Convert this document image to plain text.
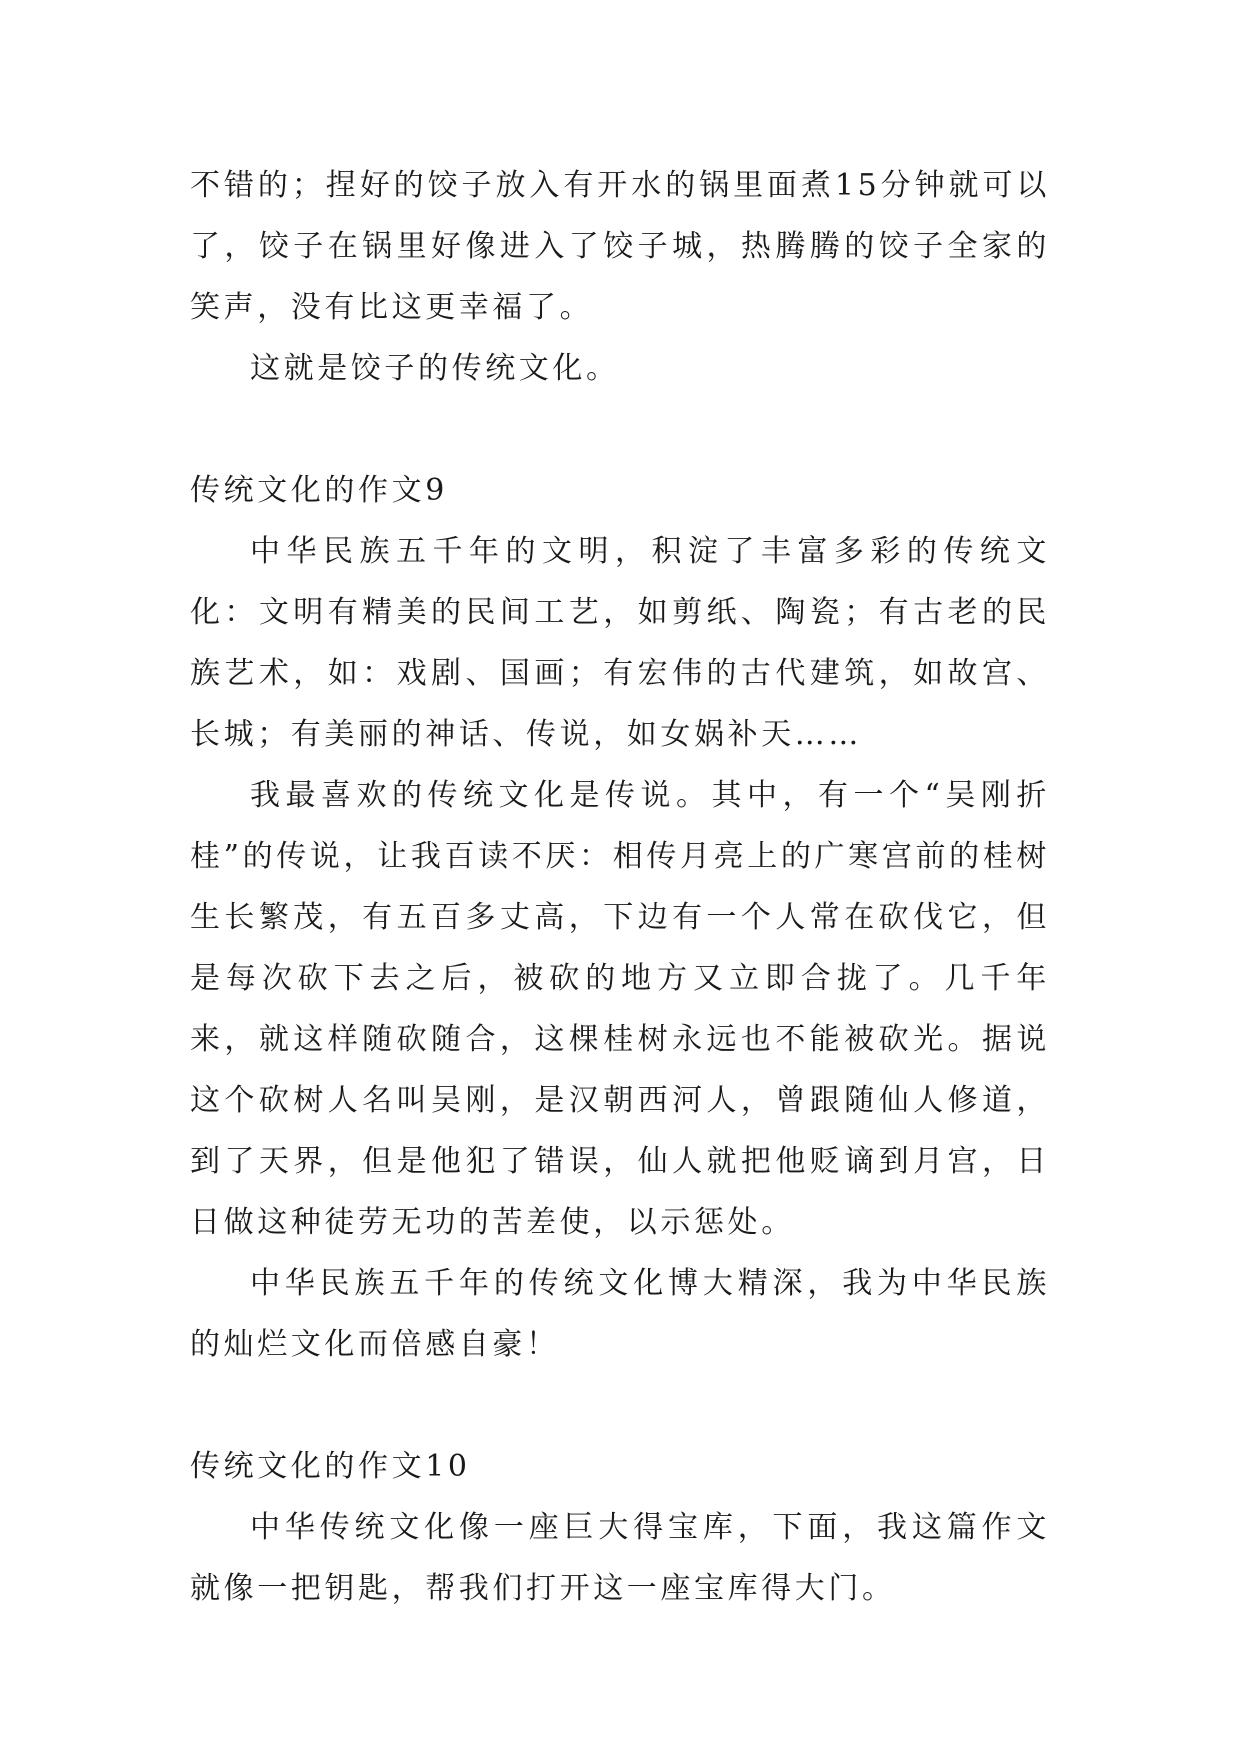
不错的；捏好的饺子放入有开水的锅里面煮15分钟就可以了，饺子在锅里好像进入了饺子城，热腾腾的饺子全家的笑声，没有比这更幸福了。

这就是饺子的传统文化。

传统文化的作文9

中华民族五千年的文明，积淀了丰富多彩的传统文化：文明有精美的民间工艺，如剪纸、陶瓷；有古老的民族艺术，如：戏剧、国画；有宏伟的古代建筑，如故宫、长城；有美丽的神话、传说，如女娲补天……

我最喜欢的传统文化是传说。其中，有一个“吴刚折桂”的传说，让我百读不厌：相传月亮上的广寒宫前的桂树生长繁茂，有五百多丈高，下边有一个人常在砍伐它，但是每次砍下去之后，被砍的地方又立即合拢了。几千年来，就这样随砍随合，这棵桂树永远也不能被砍光。据说这个砍树人名叫吴刚，是汉朝西河人，曾跟随仙人修道，到了天界，但是他犯了错误，仙人就把他贬谪到月宫，日日做这种徒劳无功的苦差使，以示惩处。

中华民族五千年的传统文化博大精深，我为中华民族的灿烂文化而倍感自豪！

传统文化的作文10

中华传统文化像一座巨大得宝库，下面，我这篇作文就像一把钥匙，帮我们打开这一座宝库得大门。
